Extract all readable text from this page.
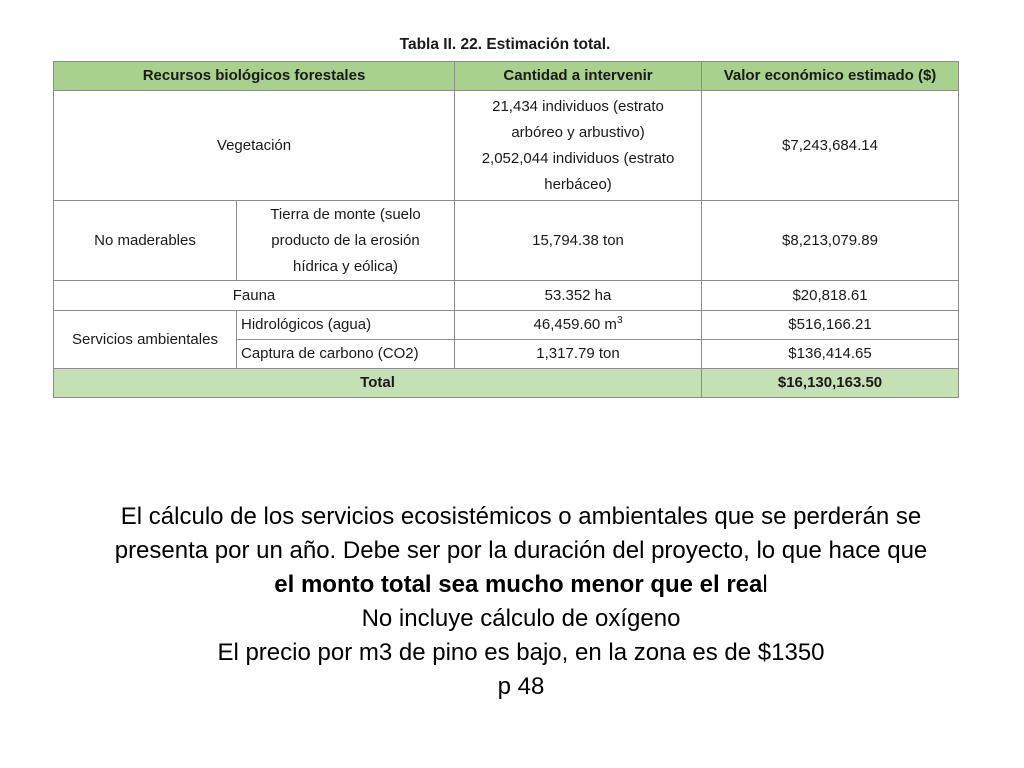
Tabla II. 22. Estimación total.
Recursos biológicos forestales		Cantidad a intervenir	Valor económico estimado ($)
Vegetación		21,434 individuos (estrato
arbóreo y arbustivo)
2,052,044 individuos (estrato
herbáceo)	$7,243,684.14
No maderables	Tierra de monte (suelo
producto de la erosión
hídrica y eólica)	15,794.38 ton	$8,213,079.89
Fauna		53.352 ha	$20,818.61
Servicios ambientales	Hidrológicos (agua)	46,459.60 $m^3$	$516,166.21
	Captura de carbono (CO2)	1,317.79 ton	$136,414.65
Total			$16,130,163.50
El cálculo de los servicios ecosistémicos o ambientales que se perderán se
presenta por un año. Debe ser por la duración del proyecto, lo que hace que
el monto total sea mucho menor que el real
No incluye cálculo de oxígeno
El precio por m3 de pino es bajo, en la zona es de $1350
p 48
